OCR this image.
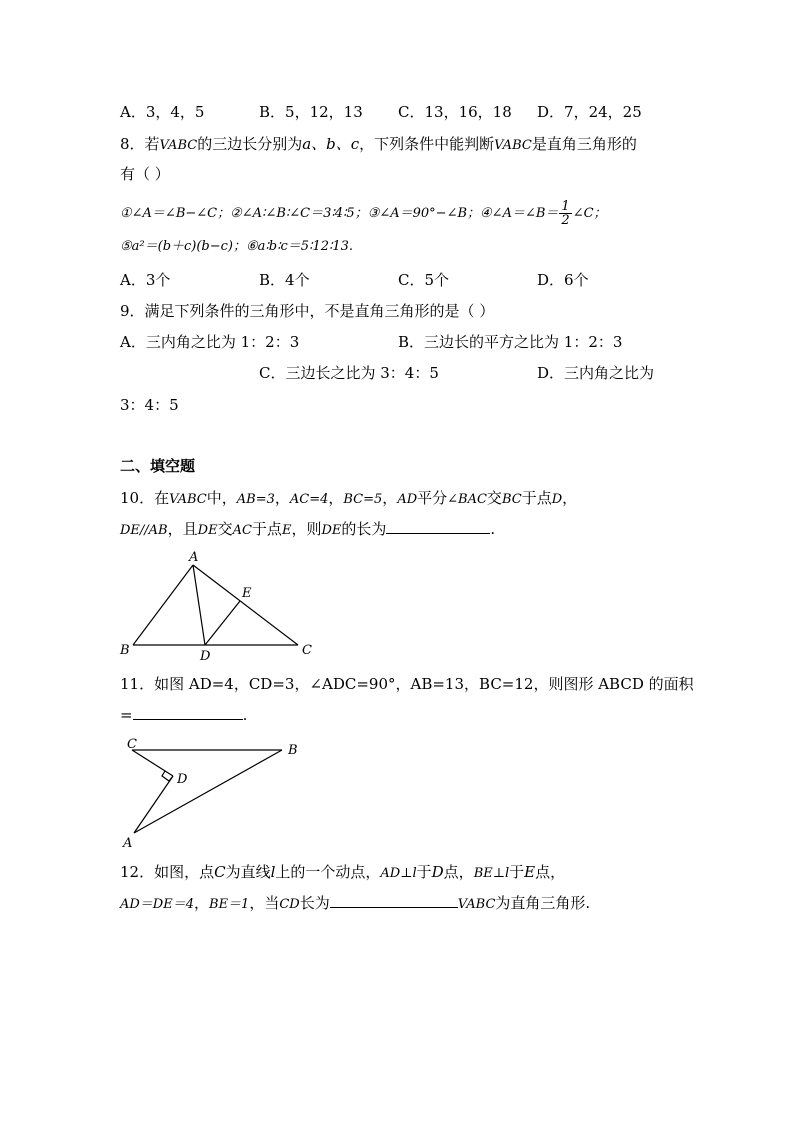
A．3，4，5	B．5，12，13 C．13，16，18 D．7，24，25
8．若VABC的三边长分别为a、b、c，下列条件中能判断VABC是直角三角形的
有（ ）
①∠A＝∠B−∠C；②∠A∶∠B∶∠C＝3∶4∶5；③∠A＝90°−∠B；④∠A＝∠B＝ $\frac{1}{2}$ ∠C；
⑤a²＝(b＋c)(b−c)；⑥a∶b∶c＝5∶12∶13.
A．3个	B．4个	C．5个	D．6个
9．满足下列条件的三角形中，不是直角三角形的是（ ）
A．三内角之比为 1：2：3	B．三边长的平方之比为 1：2：3
C．三边长之比为 3：4：5	D．三内角之比为
3：4：5
二、填空题
10．在VABC中，AB=3，AC=4，BC=5，AD平分∠BAC交BC于点D，
DE//AB，且DE交AC于点E，则DE的长为	.
A
B	C
D
E
11．如图 AD=4，CD=3，∠ADC=90°，AB=13，BC=12，则图形 ABCD 的面积
=	.
C	B
D
A
12．如图，点C为直线l上的一个动点，AD⊥l于D点，BE⊥l于E点，
AD＝DE＝4，BE＝1，当CD长为	VABC为直角三角形.
